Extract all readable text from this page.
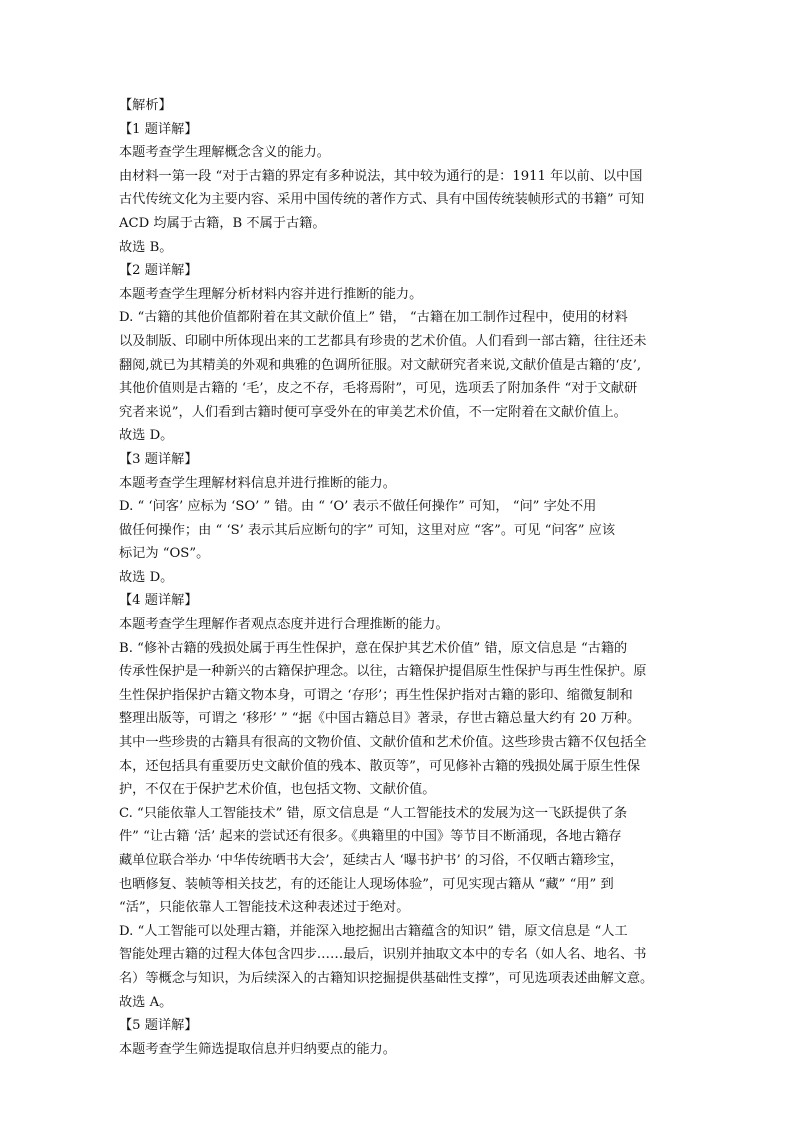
【解析】
【1 题详解】
本题考查学生理解概念含义的能力。
由材料一第一段 “对于古籍的界定有多种说法，其中较为通行的是：1911 年以前、以中国
古代传统文化为主要内容、采用中国传统的著作方式、具有中国传统装帧形式的书籍” 可知
ACD 均属于古籍，B 不属于古籍。
故选 B。
【2 题详解】
本题考查学生理解分析材料内容并进行推断的能力。
D. “古籍的其他价值都附着在其文献价值上” 错， “古籍在加工制作过程中，使用的材料
以及制版、印刷中所体现出来的工艺都具有珍贵的艺术价值。人们看到一部古籍，往往还未
翻阅,就已为其精美的外观和典雅的色调所征服。对文献研究者来说,文献价值是古籍的‘皮’,
其他价值则是古籍的 ‘毛’，皮之不存，毛将焉附”，可见，选项丢了附加条件 “对于文献研
究者来说”，人们看到古籍时便可享受外在的审美艺术价值，不一定附着在文献价值上。
故选 D。
【3 题详解】
本题考查学生理解材料信息并进行推断的能力。
D. “ ‘问客’ 应标为 ‘SO’ ” 错。由 “ ‘O’ 表示不做任何操作” 可知， “问” 字处不用
做任何操作；由 “ ‘S’ 表示其后应断句的字” 可知，这里对应 “客”。可见 “问客” 应该
标记为 “OS”。
故选 D。
【4 题详解】
本题考查学生理解作者观点态度并进行合理推断的能力。
B. “修补古籍的残损处属于再生性保护，意在保护其艺术价值” 错，原文信息是 “古籍的
传承性保护是一种新兴的古籍保护理念。以往，古籍保护提倡原生性保护与再生性保护。原
生性保护指保护古籍文物本身，可谓之 ‘存形’；再生性保护指对古籍的影印、缩微复制和
整理出版等，可谓之 ‘移形’ ” “据《中国古籍总目》著录，存世古籍总量大约有 20 万种。
其中一些珍贵的古籍具有很高的文物价值、文献价值和艺术价值。这些珍贵古籍不仅包括全
本，还包括具有重要历史文献价值的残本、散页等”，可见修补古籍的残损处属于原生性保
护，不仅在于保护艺术价值，也包括文物、文献价值。
C. “只能依靠人工智能技术” 错，原文信息是 “人工智能技术的发展为这一飞跃提供了条
件” “让古籍 ‘活’ 起来的尝试还有很多。《典籍里的中国》等节目不断涌现，各地古籍存
藏单位联合举办 ‘中华传统晒书大会’，延续古人 ‘曝书护书’ 的习俗，不仅晒古籍珍宝，
也晒修复、装帧等相关技艺，有的还能让人现场体验”，可见实现古籍从 “藏” “用” 到
“活”，只能依靠人工智能技术这种表述过于绝对。
D. “人工智能可以处理古籍，并能深入地挖掘出古籍蕴含的知识” 错，原文信息是 “人工
智能处理古籍的过程大体包含四步……最后，识别并抽取文本中的专名（如人名、地名、书
名）等概念与知识，为后续深入的古籍知识挖掘提供基础性支撑”，可见选项表述曲解文意。
故选 A。
【5 题详解】
本题考查学生筛选提取信息并归纳要点的能力。
